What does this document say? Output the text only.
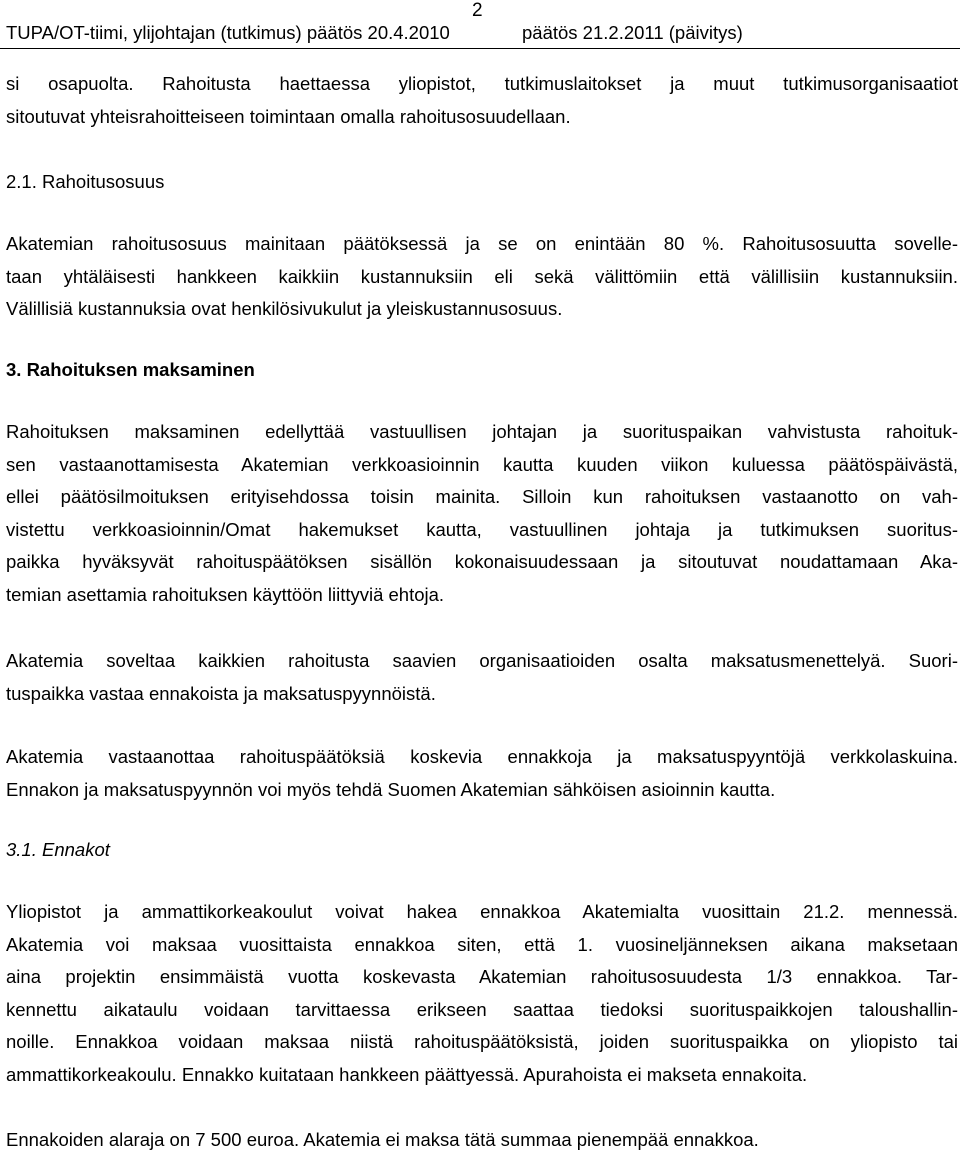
2
TUPA/OT-tiimi, ylijohtajan (tutkimus) päätös 20.4.2010	päätös 21.2.2011 (päivitys)
si osapuolta. Rahoitusta haettaessa yliopistot, tutkimuslaitokset ja muut tutkimusorganisaatiot
sitoutuvat yhteisrahoitteiseen toimintaan omalla rahoitusosuudellaan.
2.1. Rahoitusosuus
Akatemian rahoitusosuus mainitaan päätöksessä ja se on enintään 80 %. Rahoitusosuutta sovelle-
taan yhtäläisesti hankkeen kaikkiin kustannuksiin eli sekä välittömiin että välillisiin kustannuksiin.
Välillisiä kustannuksia ovat henkilösivukulut ja yleiskustannusosuus.
3. Rahoituksen maksaminen
Rahoituksen maksaminen edellyttää vastuullisen johtajan ja suorituspaikan vahvistusta rahoituk-
sen vastaanottamisesta Akatemian verkkoasioinnin kautta kuuden viikon kuluessa päätöspäivästä,
ellei päätösilmoituksen erityisehdossa toisin mainita. Silloin kun rahoituksen vastaanotto on vah-
vistettu verkkoasioinnin/Omat hakemukset kautta, vastuullinen johtaja ja tutkimuksen suoritus-
paikka hyväksyvät rahoituspäätöksen sisällön kokonaisuudessaan ja sitoutuvat noudattamaan Aka-
temian asettamia rahoituksen käyttöön liittyviä ehtoja.
Akatemia soveltaa kaikkien rahoitusta saavien organisaatioiden osalta maksatusmenettelyä. Suori-
tuspaikka vastaa ennakoista ja maksatuspyynnöistä.
Akatemia vastaanottaa rahoituspäätöksiä koskevia ennakkoja ja maksatuspyyntöjä verkkolaskuina.
Ennakon ja maksatuspyynnön voi myös tehdä Suomen Akatemian sähköisen asioinnin kautta.
3.1. Ennakot
Yliopistot ja ammattikorkeakoulut voivat hakea ennakkoa Akatemialta vuosittain 21.2. mennessä.
Akatemia voi maksaa vuosittaista ennakkoa siten, että 1. vuosineljänneksen aikana maksetaan
aina projektin ensimmäistä vuotta koskevasta Akatemian rahoitusosuudesta 1/3 ennakkoa. Tar-
kennettu aikataulu voidaan tarvittaessa erikseen saattaa tiedoksi suorituspaikkojen taloushallin-
noille. Ennakkoa voidaan maksaa niistä rahoituspäätöksistä, joiden suorituspaikka on yliopisto tai
ammattikorkeakoulu. Ennakko kuitataan hankkeen päättyessä. Apurahoista ei makseta ennakoita.
Ennakoiden alaraja on 7 500 euroa. Akatemia ei maksa tätä summaa pienempää ennakkoa.
